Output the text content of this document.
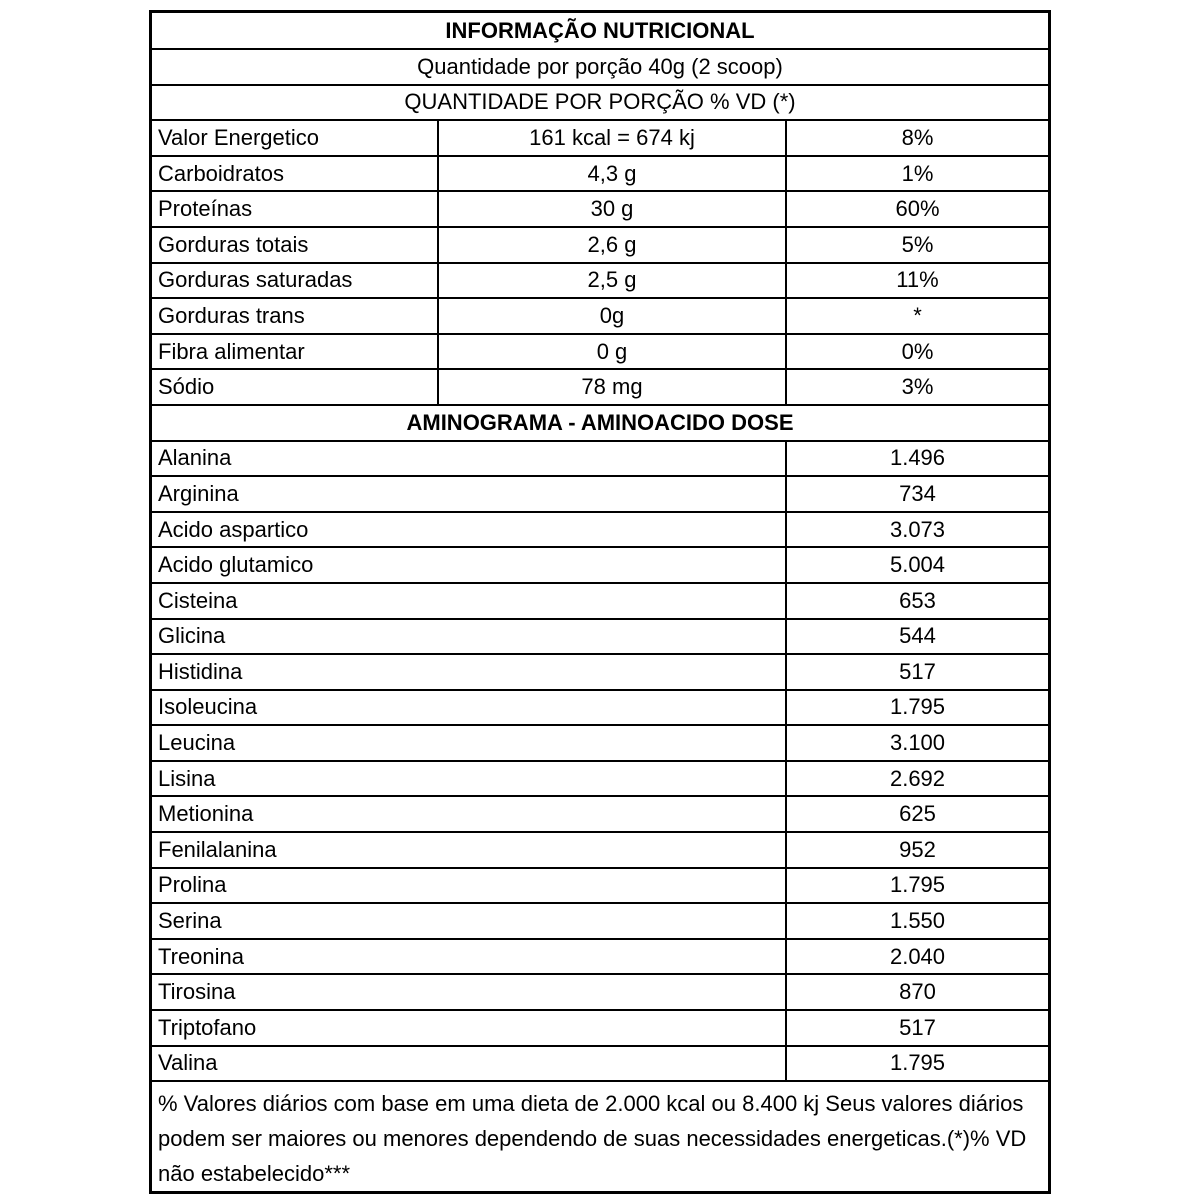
INFORMAÇÃO NUTRICIONAL
Quantidade por porção 40g (2 scoop)
QUANTIDADE POR PORÇÃO % VD (*)
Valor Energetico	161 kcal = 674 kj	8%
Carboidratos	4,3 g	1%
Proteínas	30 g	60%
Gorduras totais	2,6 g	5%
Gorduras saturadas	2,5 g	11%
Gorduras trans	0g	*
Fibra alimentar	0 g	0%
Sódio	78 mg	3%
AMINOGRAMA - AMINOACIDO DOSE
Alanina	1.496
Arginina	734
Acido aspartico	3.073
Acido glutamico	5.004
Cisteina	653
Glicina	544
Histidina	517
Isoleucina	1.795
Leucina	3.100
Lisina	2.692
Metionina	625
Fenilalanina	952
Prolina	1.795
Serina	1.550
Treonina	2.040
Tirosina	870
Triptofano	517
Valina	1.795
% Valores diários com base em uma dieta de 2.000 kcal ou 8.400 kj Seus valores diários podem ser maiores ou menores dependendo de suas necessidades energeticas.(*)% VD não estabelecido***
